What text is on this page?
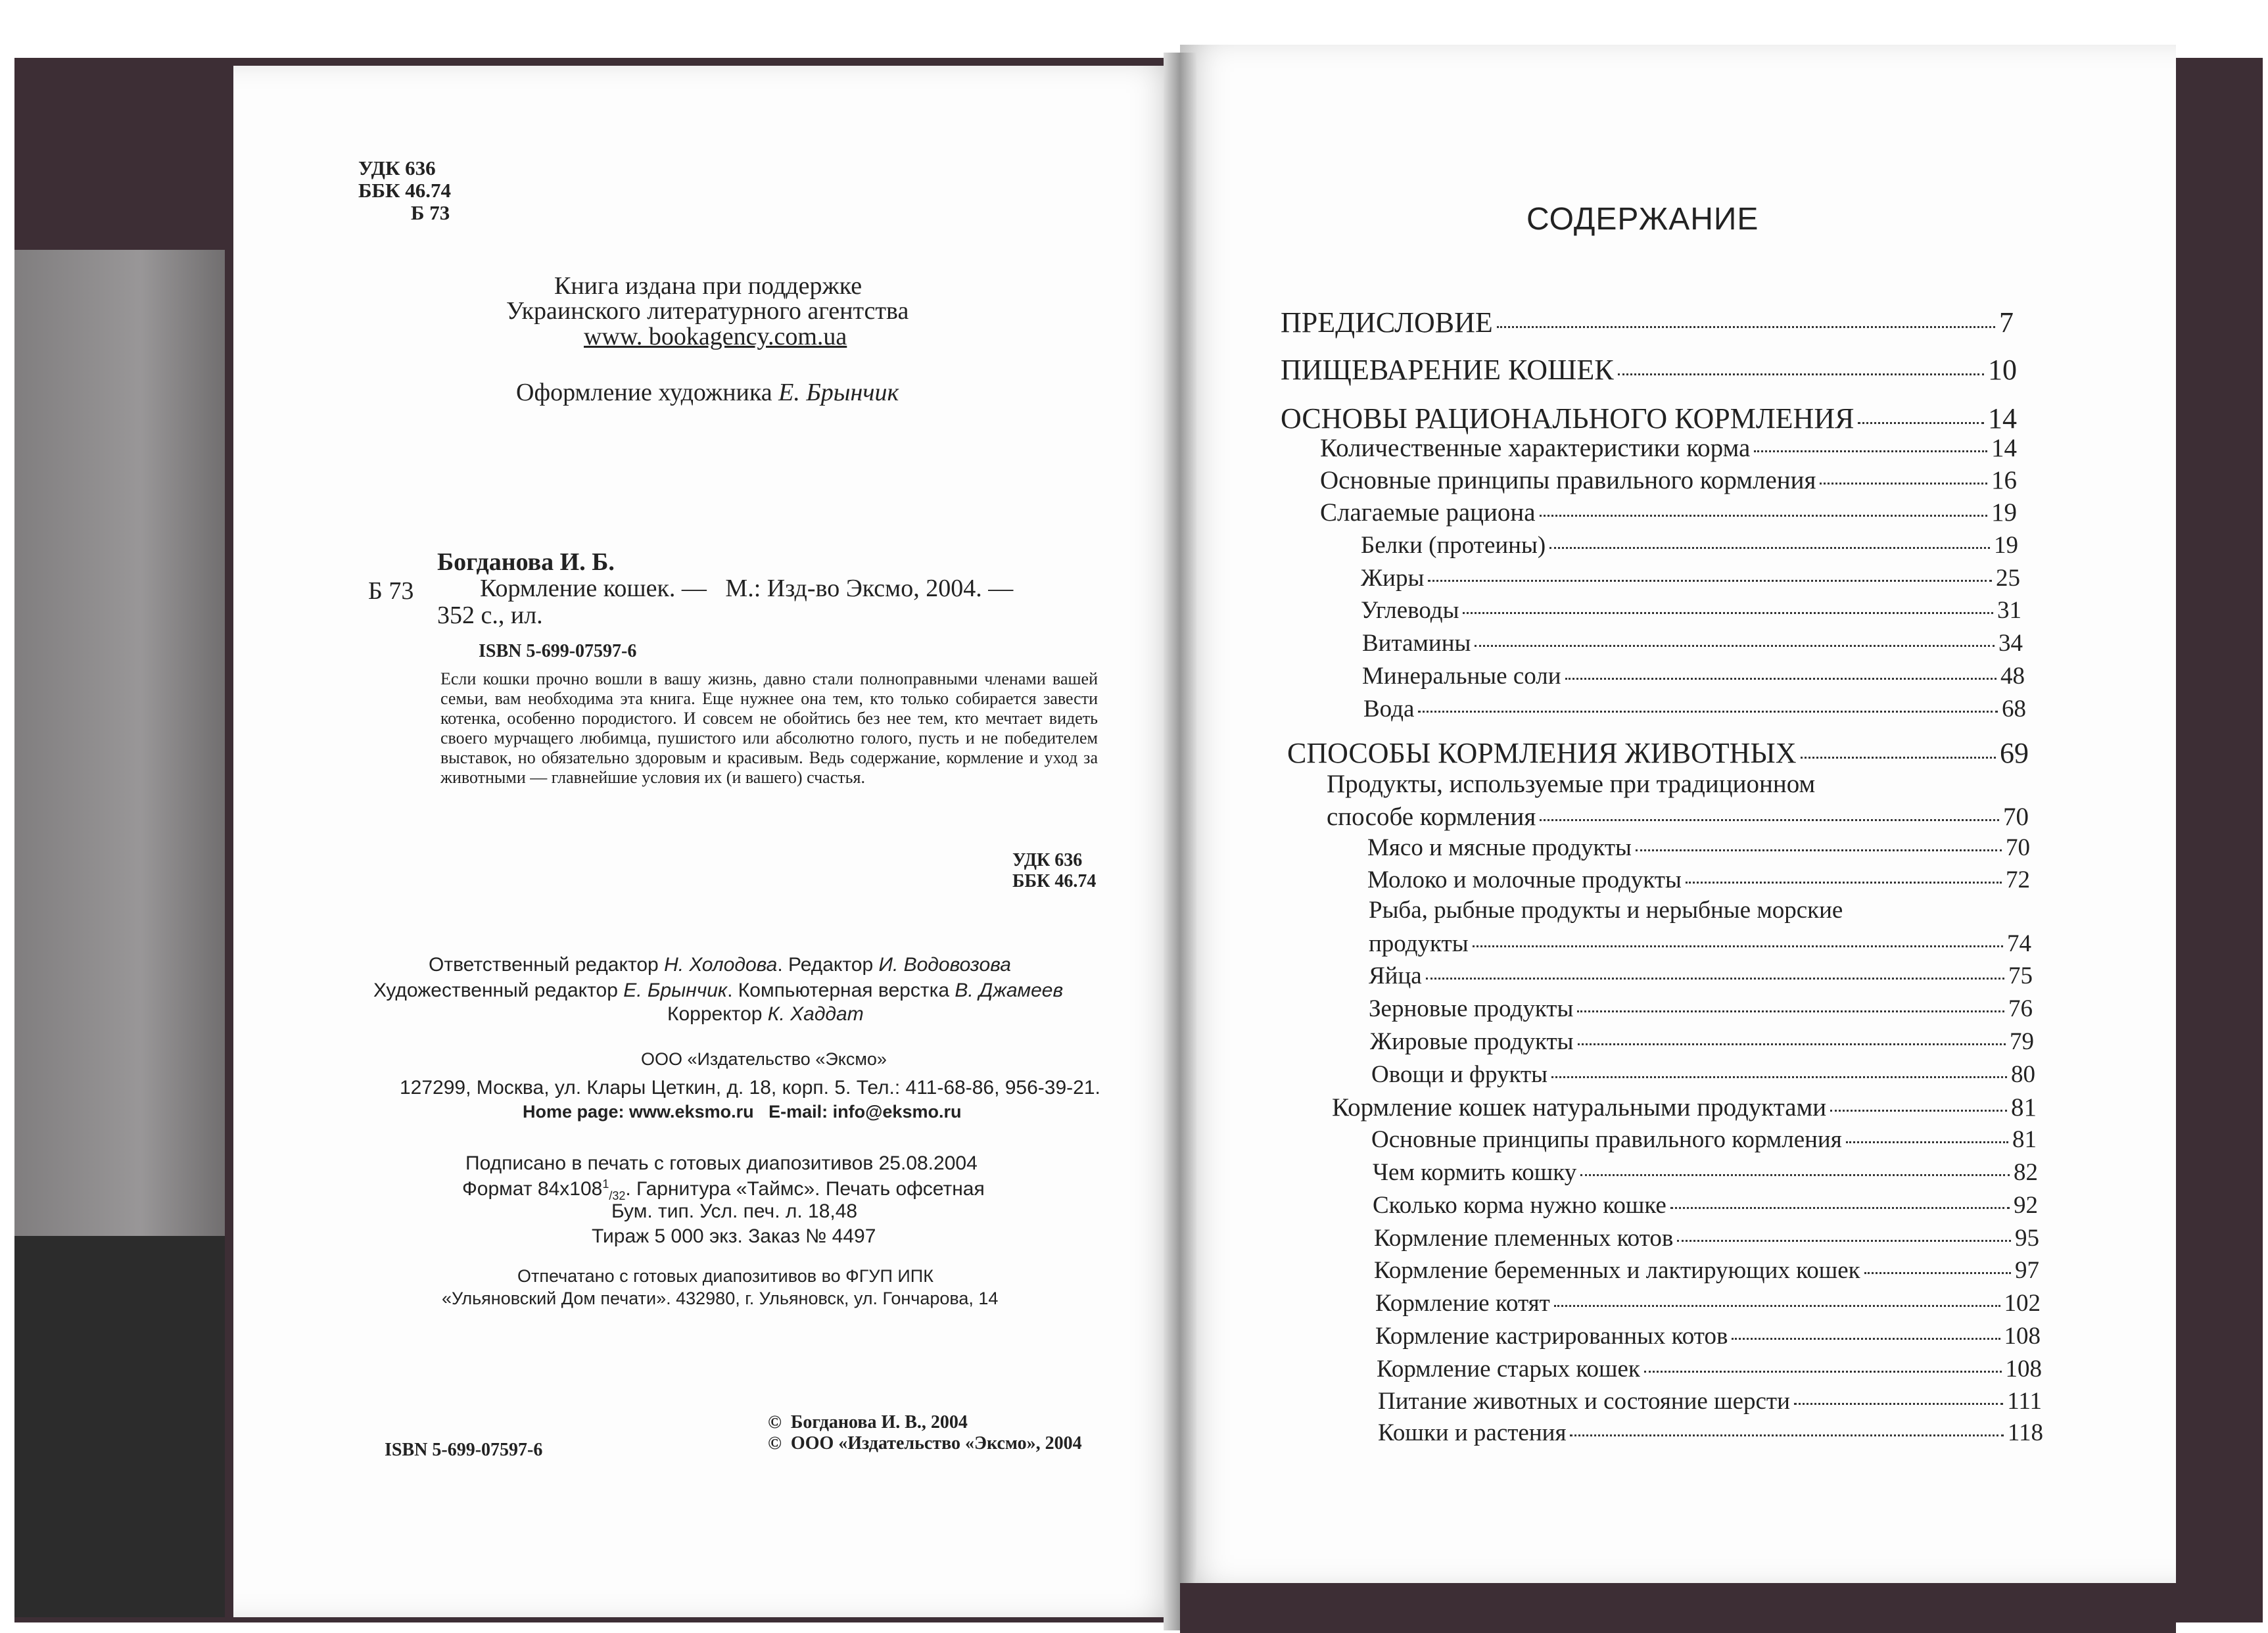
УДК 636
ББК 46.74
Б 73
Книга издана при поддержке
Украинского литературного агентства
www. bookagency.com.ua
Оформление художника Е. Брынчик
Богданова И. Б.
Б 73	Кормление кошек. —   М.: Изд-во Эксмо, 2004. —
352 с., ил.
ISBN 5-699-07597-6
Если кошки прочно вошли в вашу жизнь, давно стали полноправными членами вашей семьи, вам необходима эта книга. Еще нужнее она тем, кто только собирается завести котенка, особенно породистого. И совсем не обойтись без нее тем, кто мечтает видеть своего мурчащего любимца, пушистого или абсолютно голого, пусть и не победителем выставок, но обязательно здоровым и красивым. Ведь содержание, кормление и уход за животными — главнейшие условия их (и вашего) счастья.
УДК 636
ББК 46.74
Ответственный редактор Н. Холодова. Редактор И. Водовозова
Художественный редактор Е. Брынчик. Компьютерная верстка В. Джамеев
Корректор К. Хаддат
ООО «Издательство «Эксмо»
127299, Москва, ул. Клары Цеткин, д. 18, корп. 5. Тел.: 411-68-86, 956-39-21.
Home page: www.eksmo.ru   E-mail: info@eksmo.ru
Подписано в печать с готовых диапозитивов 25.08.2004
Формат $84x108^1_{/32}$. Гарнитура «Таймс». Печать офсетная
Бум. тип. Усл. печ. л. 18,48
Тираж 5 000 экз. Заказ № 4497
Отпечатано с готовых диапозитивов во ФГУП ИПК
«Ульяновский Дом печати». 432980, г. Ульяновск, ул. Гончарова, 14
ISBN 5-699-07597-6
©  Богданова И. В., 2004
©  ООО «Издательство «Эксмо», 2004
СОДЕРЖАНИЕ
ПРЕДИСЛОВИЕ	7
ПИЩЕВАРЕНИЕ КОШЕК	10
ОСНОВЫ РАЦИОНАЛЬНОГО КОРМЛЕНИЯ	14
Количественные характеристики корма	14
Основные принципы правильного кормления	16
Слагаемые рациона	19
Белки (протеины)	19
Жиры	25
Углеводы	31
Витамины	34
Минеральные соли	48
Вода	68
СПОСОБЫ КОРМЛЕНИЯ ЖИВОТНЫХ	69
Продукты, используемые при традиционном
способе кормления	70
Мясо и мясные продукты	70
Молоко и молочные продукты	72
Рыба, рыбные продукты и нерыбные морские
продукты	74
Яйца	75
Зерновые продукты	76
Жировые продукты	79
Овощи и фрукты	80
Кормление кошек натуральными продуктами	81
Основные принципы правильного кормления	81
Чем кормить кошку	82
Сколько корма нужно кошке	92
Кормление племенных котов	95
Кормление беременных и лактирующих кошек	97
Кормление котят	102
Кормление кастрированных котов	108
Кормление старых кошек	108
Питание животных и состояние шерсти	111
Кошки и растения	118
